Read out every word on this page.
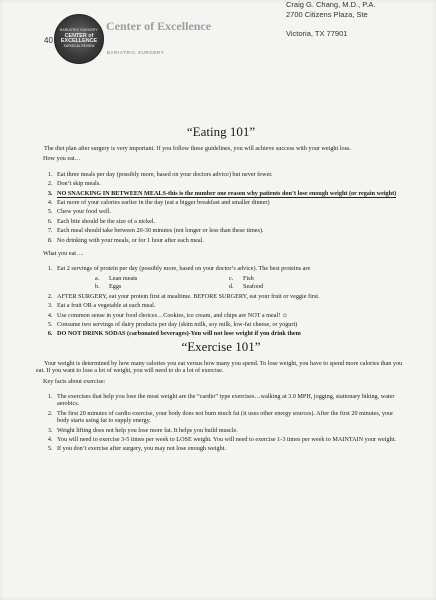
40
BARIATRIC SURGERY
CENTER of EXCELLENCE
SURGICAL REVIEW
Center of Excellence
BARIATRIC SURGERY
Craig G. Chang, M.D., P.A.
2700 Citizens Plaza, Ste
Victoria, TX 77901
“Eating 101”

The diet plan after surgery is very important. If you follow these guidelines, you will achieve success with your weight loss.

How you eat…
1. Eat three meals per day (possibly more, based on your doctors advice) but never fewer.
2. Don’t skip meals.
3. NO SNACKING IN BETWEEN MEALS-this is the number one reason why patients don’t lose enough weight (or regain weight)
4. Eat more of your calories earlier in the day (eat a bigger breakfast and smaller dinner)
5. Chew your food well.
6. Each bite should be the size of a nickel.
7. Each meal should take between 20-30 minutes (not longer or less than these times).
8. No drinking with your meals, or for 1 hour after each meal.
What you eat….
1. Eat 2 servings of protein per day (possibly more, based on your doctor’s advice). The best proteins are
a.	Lean meats	c.	Fish
b.	Eggs	d.	Seafood
2. AFTER SURGERY, eat your protein first at mealtime. BEFORE SURGERY, eat your fruit or veggie first.
3. Eat a fruit OR a vegetable at each meal.
4. Use common sense in your food choices…Cookies, ice cream, and chips are NOT a meal! ☺
5. Consume two servings of dairy products per day (skim milk, soy milk, low-fat cheese, or yogurt)
6. DO NOT DRINK SODAS (carbonated beverages)-You will not lose weight if you drink them
“Exercise 101”

Your weight is determined by how many calories you eat versus how many you spend. To lose weight, you have to spend more calories than you eat. If you want to lose a lot of weight, you will need to do a lot of exercise.

Key facts about exercise:
1. The exercises that help you lose the most weight are the “cardio” type exercises…walking at 3.0 MPH, jogging, stationary biking, water aerobics.
2. The first 20 minutes of cardio exercise, your body does not burn much fat (it uses other energy sources). After the first 20 minutes, your body starts using fat to supply energy.
3. Weight lifting does not help you lose more fat. It helps you build muscle.
4. You will need to exercise 3-5 times per week to LOSE weight. You will need to exercise 1-3 times per week to MAINTAIN your weight.
5. If you don’t exercise after surgery, you may not lose enough weight.
